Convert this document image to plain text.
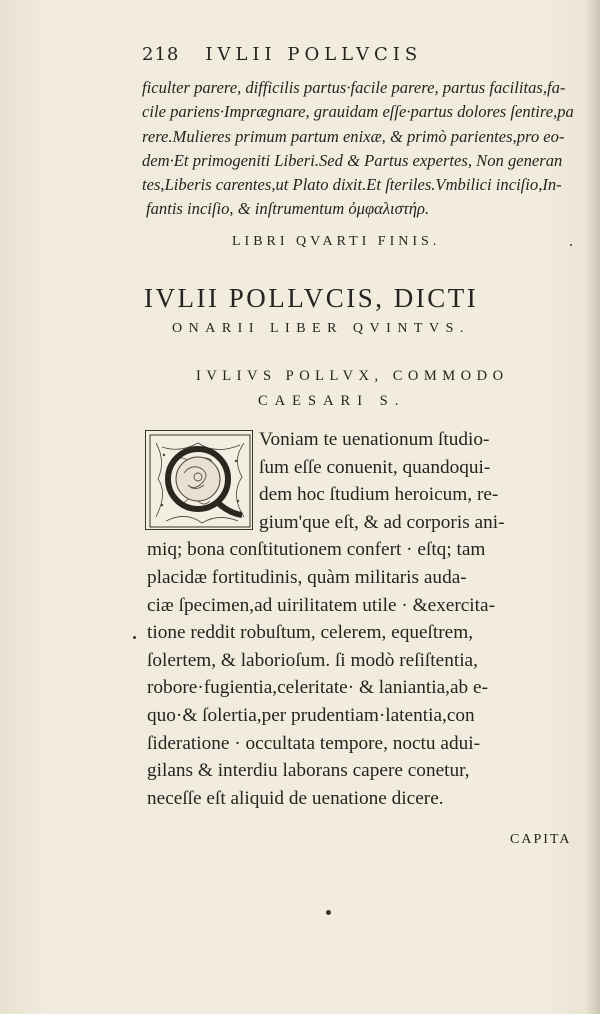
218 IVLII POLLVCIS
ficulter parere, difficilis partus·facile parere, partus facilitas,fa-
cile pariens·Imprægnare, grauidam eſſe·partus dolores ſentire,pa
rere.Mulieres primum partum enixæ, & primò parientes,pro eo-
dem·Et primogeniti Liberi.Sed & Partus expertes, Non generan
tes,Liberis carentes,ut Plato dixit.Et ſteriles.Vmbilici inciſio,In-
fantis inciſio, & inſtrumentum ὀμφαλιστήρ.
LIBRI QVARTI FINIS.
IVLII POLLVCIS, DICTI
ONARII LIBER QVINTVS.
IVLIVS POLLVX, COMMODO
CAESARI S.
Voniam te uenationum ſtudio-
ſum eſſe conuenit, quandoqui-
dem hoc ſtudium heroicum, re-
gium'que eſt, & ad corporis ani-
miq; bona conſtitutionem confert · eſtq; tam
placidæ fortitudinis, quàm militaris auda-
ciæ ſpecimen,ad uirilitatem utile · &exercita-
tione reddit robuſtum, celerem, equeſtrem,
ſolertem, & laborioſum. ſi modò reſiſtentia,
robore·fugientia,celeritate· & laniantia,ab e-
quo·& ſolertia,per prudentiam·latentia,con
ſideratione · occultata tempore, noctu adui-
gilans & interdiu laborans capere conetur,
neceſſe eſt aliquid de uenatione dicere.
CAPITA
